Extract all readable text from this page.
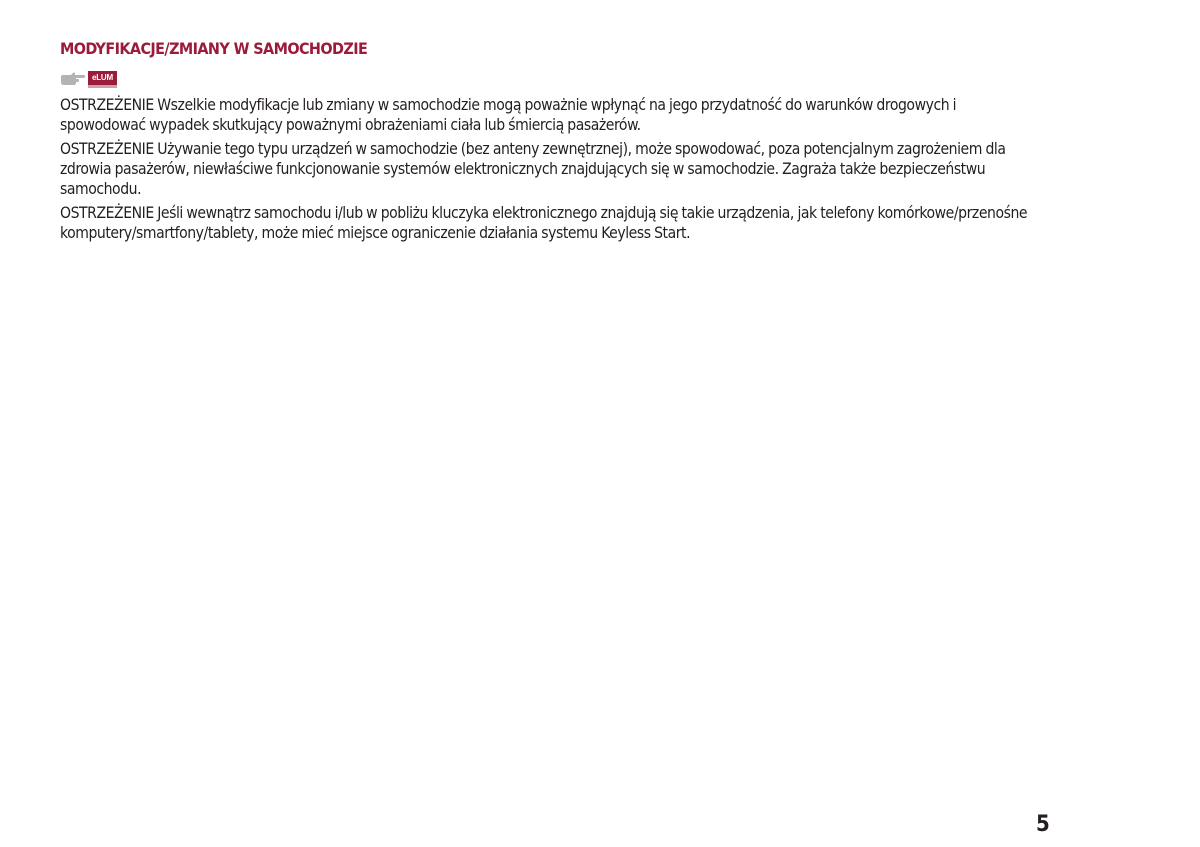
MODYFIKACJE/ZMIANY W SAMOCHODZIE
eLUM

OSTRZEŻENIE Wszelkie modyfikacje lub zmiany w samochodzie mogą poważnie wpłynąć na jego przydatność do warunków drogowych i spowodować wypadek skutkujący poważnymi obrażeniami ciała lub śmiercią pasażerów.

OSTRZEŻENIE Używanie tego typu urządzeń w samochodzie (bez anteny zewnętrznej), może spowodować, poza potencjalnym zagrożeniem dla zdrowia pasażerów, niewłaściwe funkcjonowanie systemów elektronicznych znajdujących się w samochodzie. Zagraża także bezpieczeństwu samochodu.

OSTRZEŻENIE Jeśli wewnątrz samochodu i/lub w pobliżu kluczyka elektronicznego znajdują się takie urządzenia, jak telefony komórkowe/przenośne komputery/smartfony/tablety, może mieć miejsce ograniczenie działania systemu Keyless Start.

5
